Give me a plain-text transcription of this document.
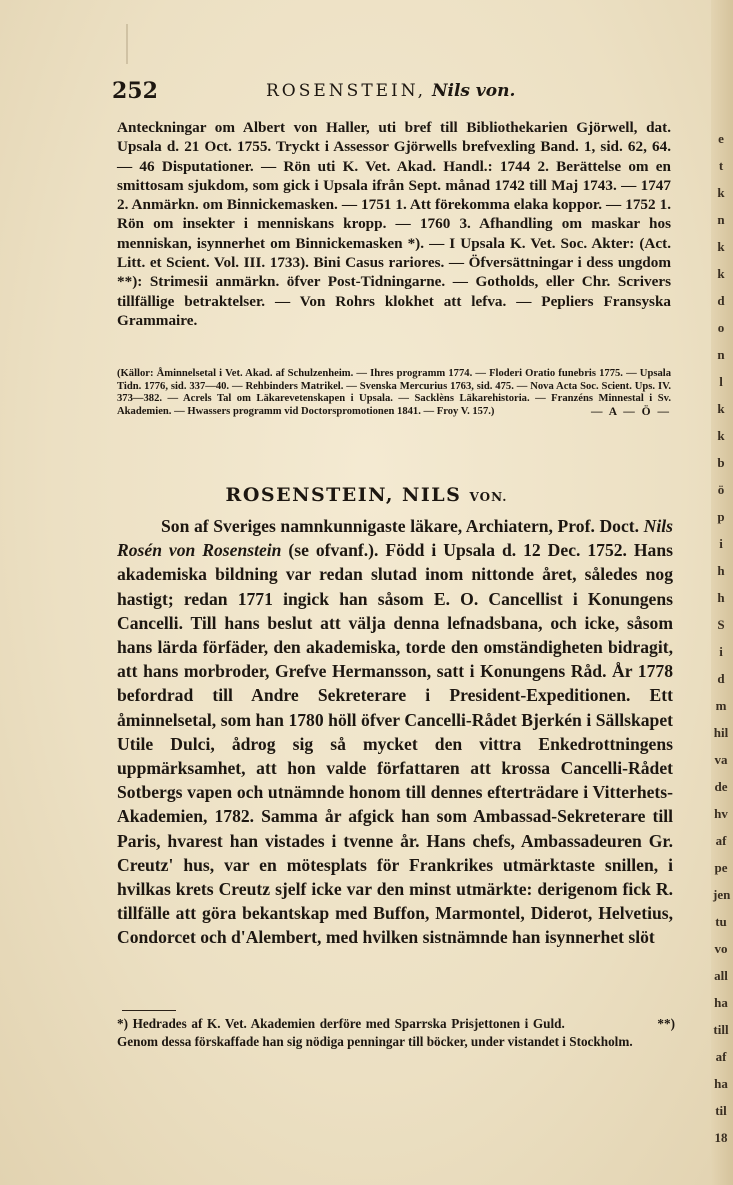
252	ROSENSTEIN, Nils von.
Anteckningar om Albert von Haller, uti bref till Bibliothekarien Gjörwell, dat. Upsala d. 21 Oct. 1755. Tryckt i Assessor Gjörwells brefvexling Band. 1, sid. 62, 64. — 46 Disputationer. — Rön uti K. Vet. Akad. Handl.: 1744 2. Berättelse om en smittosam sjukdom, som gick i Upsala ifrån Sept. månad 1742 till Maj 1743. — 1747 2. Anmärkn. om Binnickemasken. — 1751 1. Att förekomma elaka koppor. — 1752 1. Rön om insekter i menniskans kropp. — 1760 3. Afhandling om maskar hos menniskan, isynnerhet om Binnickemasken *). — I Upsala K. Vet. Soc. Akter: (Act. Litt. et Scient. Vol. III. 1733). Bini Casus rariores. — Öfversättningar i dess ungdom **): Strimesii anmärkn. öfver Post-Tidningarne. — Gotholds, eller Chr. Scrivers tillfällige betraktelser. — Von Rohrs klokhet att lefva. — Pepliers Fransyska Grammaire.
(Källor: Åminnelsetal i Vet. Akad. af Schulzenheim. — Ihres programm 1774. — Floderi Oratio funebris 1775. — Upsala Tidn. 1776, sid. 337—40. — Rehbinders Matrikel. — Svenska Mercurius 1763, sid. 475. — Nova Acta Soc. Scient. Ups. IV. 373—382. — Acrels Tal om Läkarevetenskapen i Upsala. — Sacklèns Läkarehistoria. — Franzéns Minnestal i Sv. Akademien. — Hwassers programm vid Doctorspromotionen 1841. — Froy V. 157.)	— A — Ö —
ROSENSTEIN, NILS VON.
Son af Sveriges namnkunnigaste läkare, Archiatern, Prof. Doct. Nils Rosén von Rosenstein (se ofvanf.). Född i Upsala d. 12 Dec. 1752. Hans akademiska bildning var redan slutad inom nittonde året, således nog hastigt; redan 1771 ingick han såsom E. O. Cancellist i Konungens Cancelli. Till hans beslut att välja denna lefnadsbana, och icke, såsom hans lärda förfäder, den akademiska, torde den omständigheten bidragit, att hans morbroder, Grefve Hermansson, satt i Konungens Råd. År 1778 befordrad till Andre Sekreterare i President-Expeditionen. Ett åminnelsetal, som han 1780 höll öfver Cancelli-Rådet Bjerkén i Sällskapet Utile Dulci, ådrog sig så mycket den vittra Enkedrottningens uppmärksamhet, att hon valde författaren att krossa Cancelli-Rådet Sotbergs vapen och utnämnde honom till dennes efterträdare i Vitterhets-Akademien, 1782. Samma år afgick han som Ambassad-Sekreterare till Paris, hvarest han vistades i tvenne år. Hans chefs, Ambassadeuren Gr. Creutz' hus, var en mötesplats för Frankrikes utmärktaste snillen, i hvilkas krets Creutz sjelf icke var den minst utmärkte: derigenom fick R. tillfälle att göra bekantskap med Buffon, Marmontel, Diderot, Helvetius, Condorcet och d'Alembert, med hvilken sistnämnde han isynnerhet slöt
*) Hedrades af K. Vet. Akademien derföre med Sparrska Prisjettonen i Guld.	**) Genom dessa förskaffade han sig nödiga penningar till böcker, under vistandet i Stockholm.
e
t
k
n
k
k
d
o
n
l
k
k
b
ö
p
i
h
h
S
i
d
m
hil
va
de
hv
af
pe
jen
tu
vo
all
ha
till
af
ha
til
18
